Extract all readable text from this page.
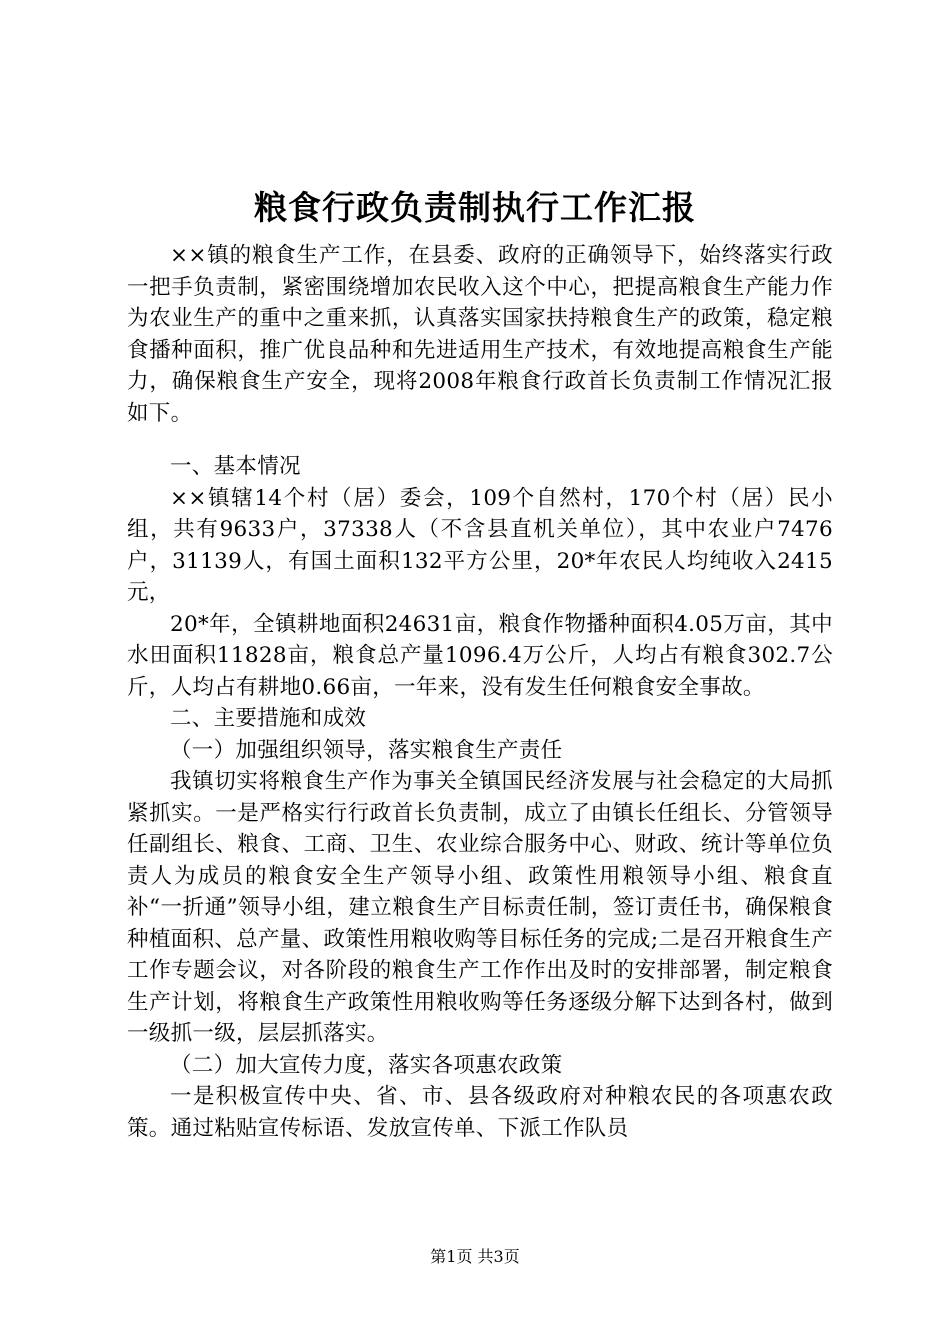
粮食行政负责制执行工作汇报

××镇的粮食生产工作，在县委、政府的正确领导下，始终落实行政一把手负责制，紧密围绕增加农民收入这个中心，把提高粮食生产能力作为农业生产的重中之重来抓，认真落实国家扶持粮食生产的政策，稳定粮食播种面积，推广优良品种和先进适用生产技术，有效地提高粮食生产能力，确保粮食生产安全，现将2008年粮食行政首长负责制工作情况汇报如下。

一、基本情况

××镇辖14个村（居）委会，109个自然村，170个村（居）民小组，共有9633户，37338人（不含县直机关单位），其中农业户7476户，31139人，有国土面积132平方公里，20*年农民人均纯收入2415元，

20*年，全镇耕地面积24631亩，粮食作物播种面积4.05万亩，其中水田面积11828亩，粮食总产量1096.4万公斤，人均占有粮食302.7公斤，人均占有耕地0.66亩，一年来，没有发生任何粮食安全事故。

二、主要措施和成效

（一）加强组织领导，落实粮食生产责任

我镇切实将粮食生产作为事关全镇国民经济发展与社会稳定的大局抓紧抓实。一是严格实行行政首长负责制，成立了由镇长任组长、分管领导任副组长、粮食、工商、卫生、农业综合服务中心、财政、统计等单位负责人为成员的粮食安全生产领导小组、政策性用粮领导小组、粮食直补“一折通”领导小组，建立粮食生产目标责任制，签订责任书，确保粮食种植面积、总产量、政策性用粮收购等目标任务的完成;二是召开粮食生产工作专题会议，对各阶段的粮食生产工作作出及时的安排部署，制定粮食生产计划，将粮食生产政策性用粮收购等任务逐级分解下达到各村，做到一级抓一级，层层抓落实。

（二）加大宣传力度，落实各项惠农政策

一是积极宣传中央、省、市、县各级政府对种粮农民的各项惠农政策。通过粘贴宣传标语、发放宣传单、下派工作队员

第1页 共3页
